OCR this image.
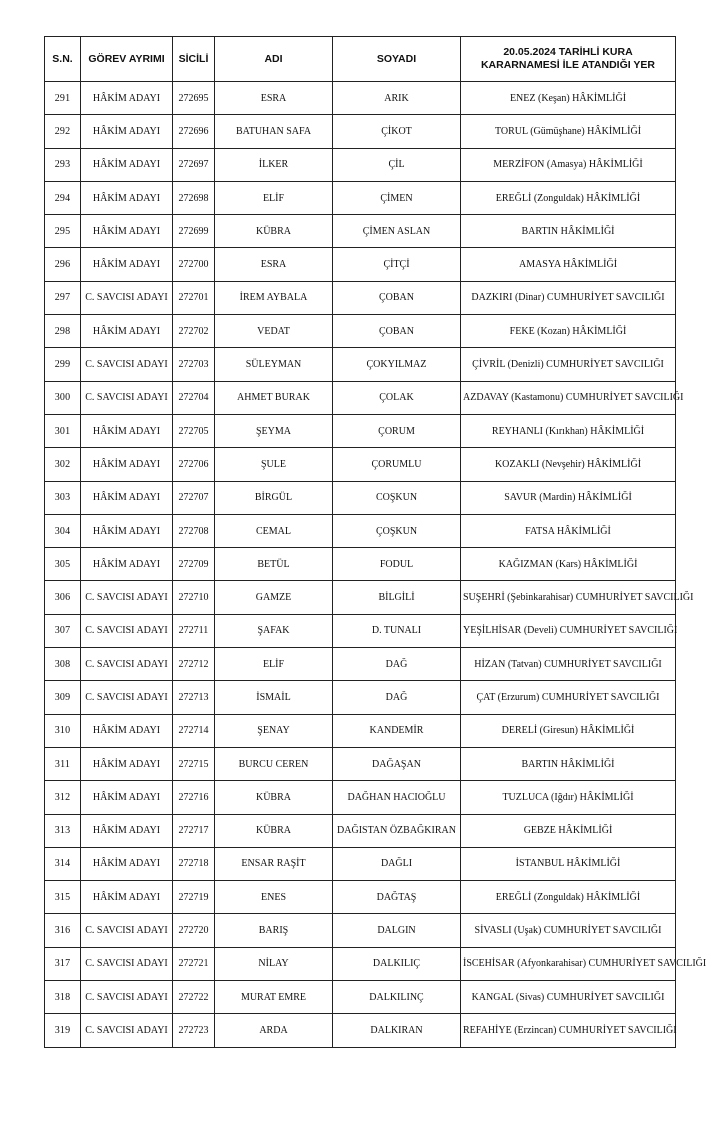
S.N.	GÖREV AYRIMI	SİCİLİ	ADI	SOYADI	20.05.2024 TARİHLİ KURA KARARNAMESİ İLE ATANDIĞI YER
291	HÂKİM ADAYI	272695	ESRA	ARIK	ENEZ (Keşan) HÂKİMLİĞİ
292	HÂKİM ADAYI	272696	BATUHAN SAFA	ÇİKOT	TORUL (Gümüşhane) HÂKİMLİĞİ
293	HÂKİM ADAYI	272697	İLKER	ÇİL	MERZİFON (Amasya) HÂKİMLİĞİ
294	HÂKİM ADAYI	272698	ELİF	ÇİMEN	EREĞLİ (Zonguldak) HÂKİMLİĞİ
295	HÂKİM ADAYI	272699	KÜBRA	ÇİMEN ASLAN	BARTIN HÂKİMLİĞİ
296	HÂKİM ADAYI	272700	ESRA	ÇİTÇİ	AMASYA HÂKİMLİĞİ
297	C. SAVCISI ADAYI	272701	İREM AYBALA	ÇOBAN	DAZKIRI (Dinar) CUMHURİYET SAVCILIĞI
298	HÂKİM ADAYI	272702	VEDAT	ÇOBAN	FEKE (Kozan) HÂKİMLİĞİ
299	C. SAVCISI ADAYI	272703	SÜLEYMAN	ÇOKYILMAZ	ÇİVRİL (Denizli) CUMHURİYET SAVCILIĞI
300	C. SAVCISI ADAYI	272704	AHMET BURAK	ÇOLAK	AZDAVAY (Kastamonu) CUMHURİYET SAVCILIĞI
301	HÂKİM ADAYI	272705	ŞEYMA	ÇORUM	REYHANLI (Kırıkhan) HÂKİMLİĞİ
302	HÂKİM ADAYI	272706	ŞULE	ÇORUMLU	KOZAKLI (Nevşehir) HÂKİMLİĞİ
303	HÂKİM ADAYI	272707	BİRGÜL	COŞKUN	SAVUR (Mardin) HÂKİMLİĞİ
304	HÂKİM ADAYI	272708	CEMAL	ÇOŞKUN	FATSA HÂKİMLİĞİ
305	HÂKİM ADAYI	272709	BETÜL	FODUL	KAĞIZMAN (Kars) HÂKİMLİĞİ
306	C. SAVCISI ADAYI	272710	GAMZE	BİLGİLİ	SUŞEHRİ (Şebinkarahisar) CUMHURİYET SAVCILIĞI
307	C. SAVCISI ADAYI	272711	ŞAFAK	D. TUNALI	YEŞİLHİSAR (Develi) CUMHURİYET SAVCILIĞI
308	C. SAVCISI ADAYI	272712	ELİF	DAĞ	HİZAN (Tatvan) CUMHURİYET SAVCILIĞI
309	C. SAVCISI ADAYI	272713	İSMAİL	DAĞ	ÇAT (Erzurum) CUMHURİYET SAVCILIĞI
310	HÂKİM ADAYI	272714	ŞENAY	KANDEMİR	DERELİ (Giresun) HÂKİMLİĞİ
311	HÂKİM ADAYI	272715	BURCU CEREN	DAĞAŞAN	BARTIN HÂKİMLİĞİ
312	HÂKİM ADAYI	272716	KÜBRA	DAĞHAN HACIOĞLU	TUZLUCA (Iğdır) HÂKİMLİĞİ
313	HÂKİM ADAYI	272717	KÜBRA	DAĞISTAN ÖZBAĞKIRAN	GEBZE HÂKİMLİĞİ
314	HÂKİM ADAYI	272718	ENSAR RAŞİT	DAĞLI	İSTANBUL HÂKİMLİĞİ
315	HÂKİM ADAYI	272719	ENES	DAĞTAŞ	EREĞLİ (Zonguldak) HÂKİMLİĞİ
316	C. SAVCISI ADAYI	272720	BARIŞ	DALGIN	SİVASLI (Uşak) CUMHURİYET SAVCILIĞI
317	C. SAVCISI ADAYI	272721	NİLAY	DALKILIÇ	İSCEHİSAR (Afyonkarahisar) CUMHURİYET SAVCILIĞI
318	C. SAVCISI ADAYI	272722	MURAT EMRE	DALKILINÇ	KANGAL (Sivas) CUMHURİYET SAVCILIĞI
319	C. SAVCISI ADAYI	272723	ARDA	DALKIRAN	REFAHİYE (Erzincan) CUMHURİYET SAVCILIĞI
